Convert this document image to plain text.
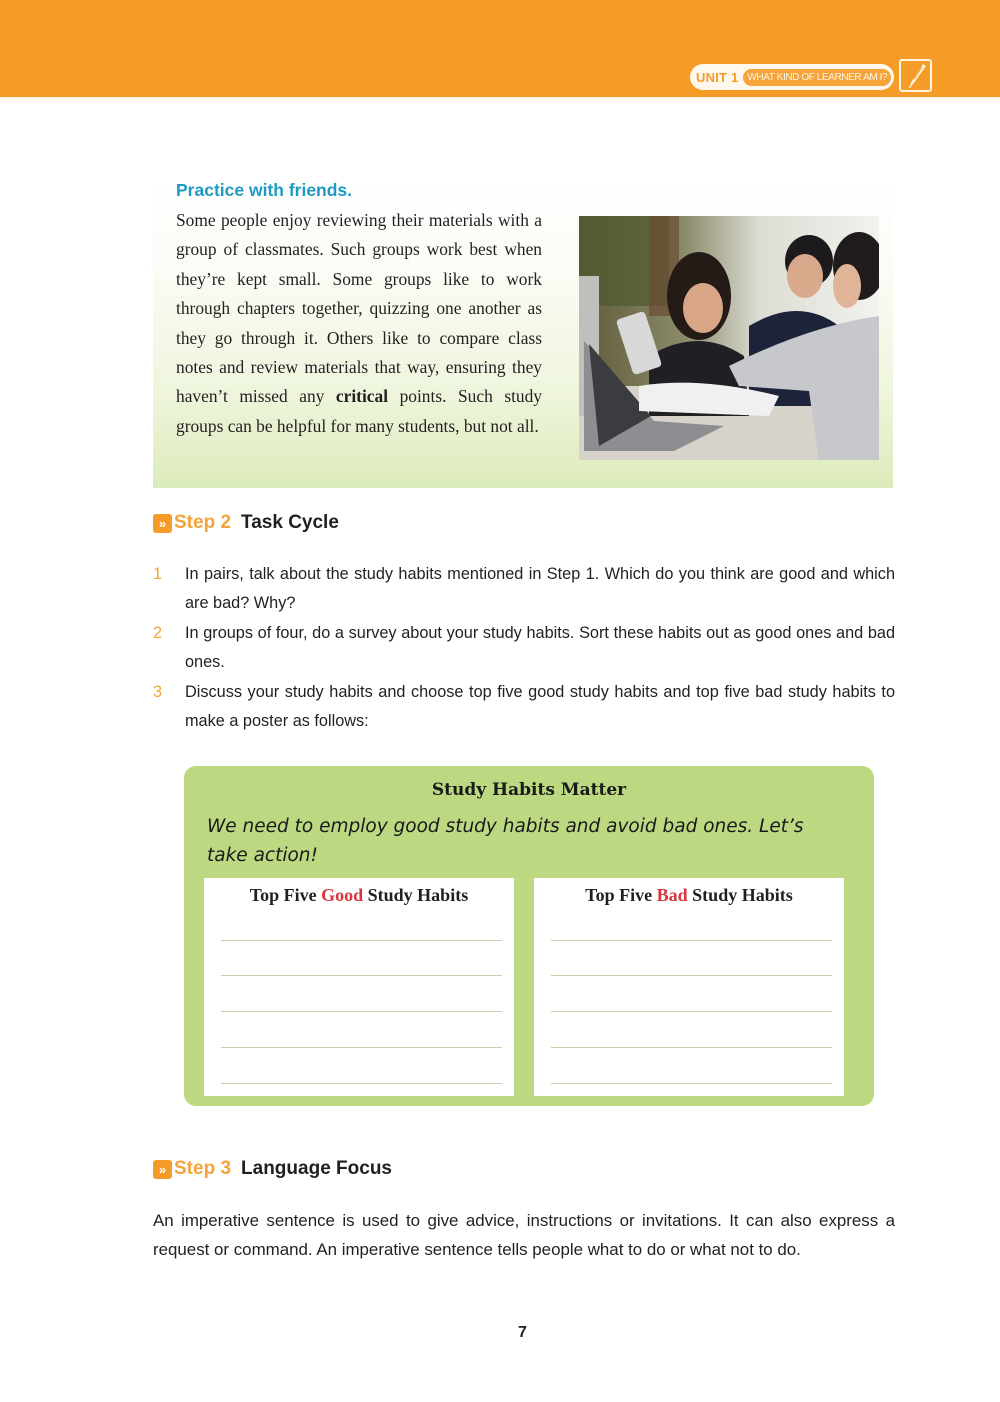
UNIT 1 WHAT KIND OF LEARNER AM I?
Practice with friends.
Some people enjoy reviewing their materials with a group of classmates. Such groups work best when they’re kept small. Some groups like to work through chapters together, quizzing one another as they go through it. Others like to compare class notes and review materials that way, ensuring they haven’t missed any critical points. Such study groups can be helpful for many students, but not all.
» Step 2 Task Cycle
1	In pairs, talk about the study habits mentioned in Step 1. Which do you think are good and which are bad? Why?
2	In groups of four, do a survey about your study habits. Sort these habits out as good ones and bad ones.
3	Discuss your study habits and choose top five good study habits and top five bad study habits to make a poster as follows:
Study Habits Matter
We need to employ good study habits and avoid bad ones. Let’s take action!
Top Five Good Study Habits	Top Five Bad Study Habits
» Step 3 Language Focus
An imperative sentence is used to give advice, instructions or invitations. It can also express a request or command. An imperative sentence tells people what to do or what not to do.
7
